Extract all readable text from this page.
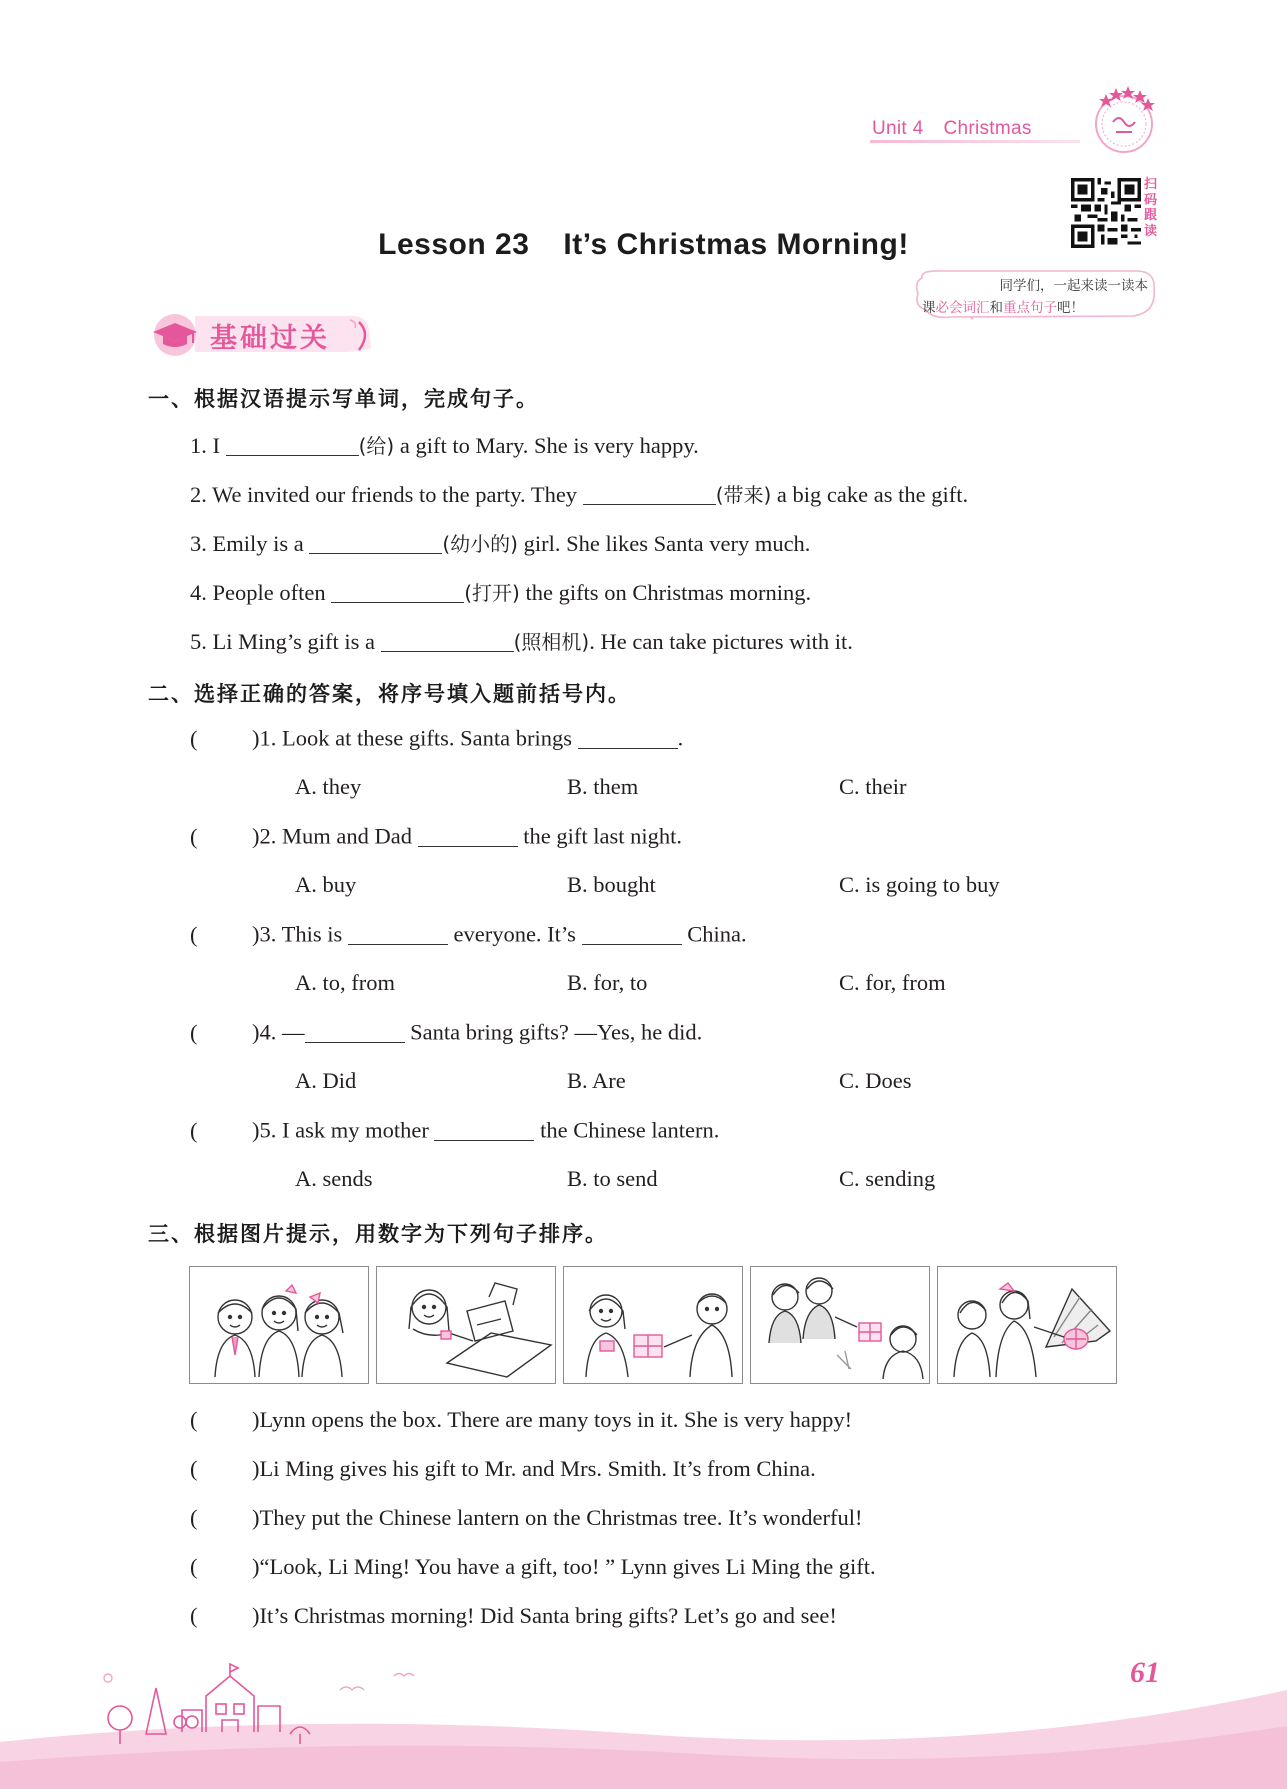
Unit 4 Christmas
扫
码
跟
读
Lesson 23 It’s Christmas Morning!
同学们，一起来读一读本
课必会词汇和重点句子吧！
基础过关
一、根据汉语提示写单词，完成句子。
1. I	(给) a gift to Mary. She is very happy.
2. We invited our friends to the party. They	(带来) a big cake as the gift.
3. Emily is a	(幼小的) girl. She likes Santa very much.
4. People often	(打开) the gifts on Christmas morning.
5. Li Ming’s gift is a	(照相机). He can take pictures with it.
二、选择正确的答案，将序号填入题前括号内。
( )1. Look at these gifts. Santa brings	.
A. they	B. them	C. their
( )2. Mum and Dad	the gift last night.
A. buy	B. bought	C. is going to buy
( )3. This is	everyone. It’s	China.
A. to, from	B. for, to	C. for, from
( )4. —	Santa bring gifts? —Yes, he did.
A. Did	B. Are	C. Does
( )5. I ask my mother	the Chinese lantern.
A. sends	B. to send	C. sending
三、根据图片提示，用数字为下列句子排序。
( )Lynn opens the box. There are many toys in it. She is very happy!
( )Li Ming gives his gift to Mr. and Mrs. Smith. It’s from China.
( )They put the Chinese lantern on the Christmas tree. It’s wonderful!
( )“Look, Li Ming! You have a gift, too! ” Lynn gives Li Ming the gift.
( )It’s Christmas morning! Did Santa bring gifts? Let’s go and see!
61
